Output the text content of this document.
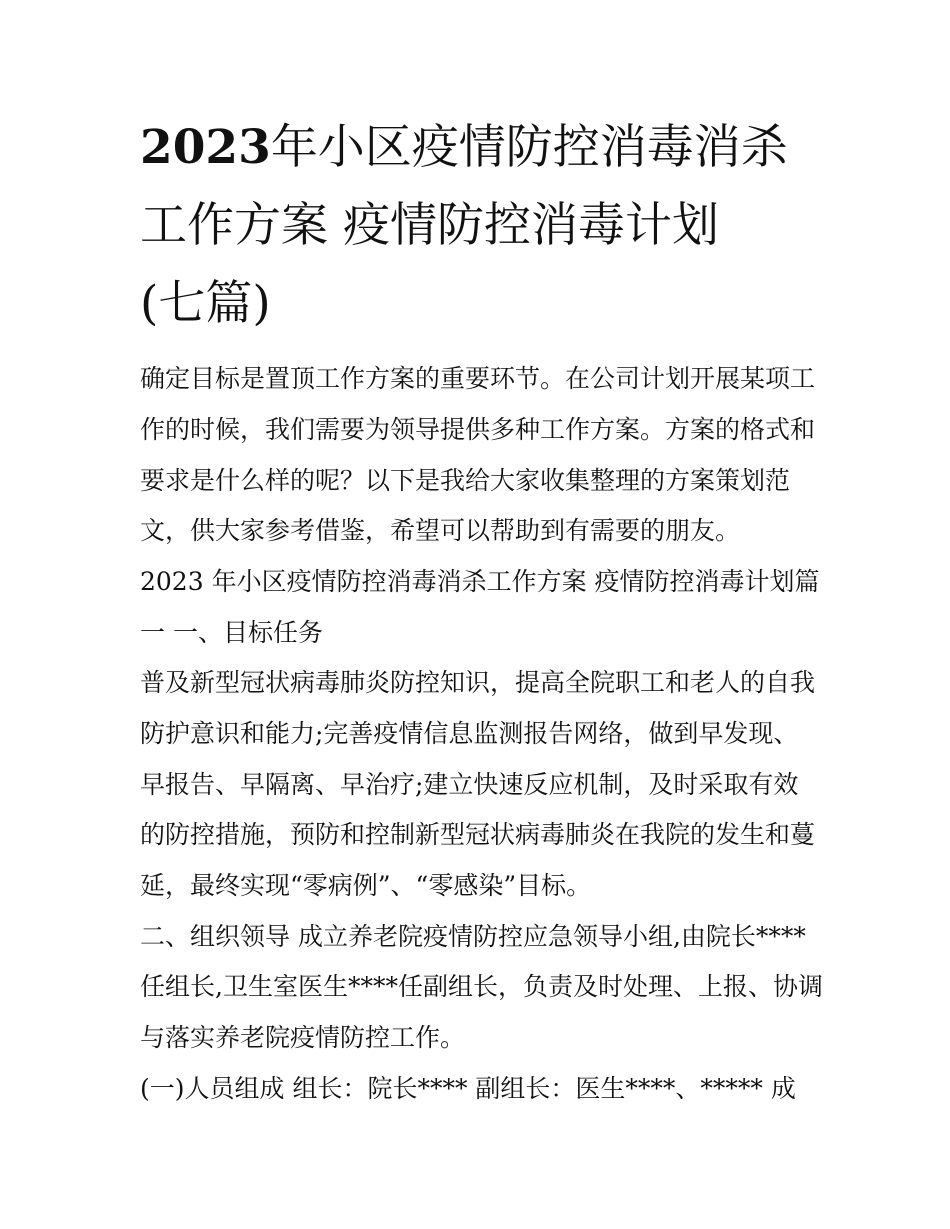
2023年小区疫情防控消毒消杀
工作方案 疫情防控消毒计划
(七篇)

确定目标是置顶工作方案的重要环节。在公司计划开展某项工

作的时候，我们需要为领导提供多种工作方案。方案的格式和

要求是什么样的呢？以下是我给大家收集整理的方案策划范

文，供大家参考借鉴，希望可以帮助到有需要的朋友。

2023 年小区疫情防控消毒消杀工作方案 疫情防控消毒计划篇

一 一、目标任务

普及新型冠状病毒肺炎防控知识，提高全院职工和老人的自我

防护意识和能力;完善疫情信息监测报告网络，做到早发现、

早报告、早隔离、早治疗;建立快速反应机制，及时采取有效

的防控措施，预防和控制新型冠状病毒肺炎在我院的发生和蔓

延，最终实现“零病例”、“零感染”目标。

二、组织领导 成立养老院疫情防控应急领导小组,由院长****

任组长,卫生室医生****任副组长，负责及时处理、上报、协调

与落实养老院疫情防控工作。

(一)人员组成 组长：院长**** 副组长：医生****、***** 成
